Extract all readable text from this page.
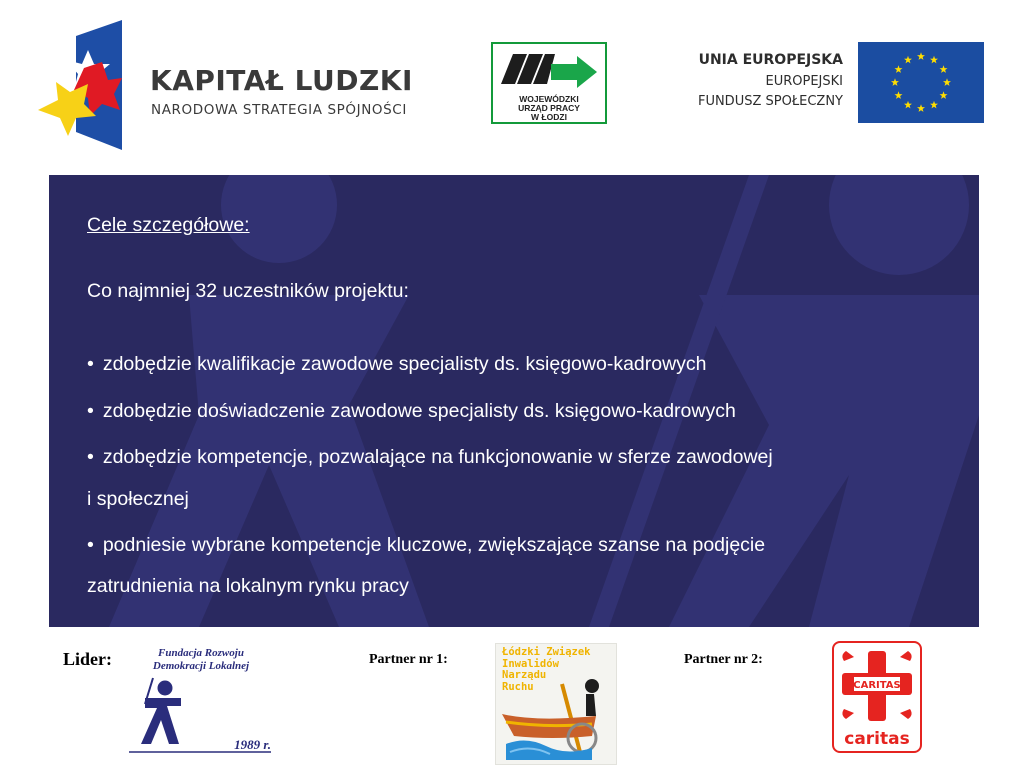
KAPITAŁ LUDZKI
NARODOWA STRATEGIA SPÓJNOŚCI
WOJEWÓDZKI
URZĄD PRACY
W ŁODZI
UNIA EUROPEJSKA
EUROPEJSKI
FUNDUSZ SPOŁECZNY
Cele szczegółowe:
Co najmniej 32 uczestników projektu:
• zdobędzie kwalifikacje zawodowe specjalisty ds. księgowo-kadrowych
• zdobędzie doświadczenie zawodowe specjalisty ds. księgowo-kadrowych
• zdobędzie kompetencje, pozwalające na funkcjonowanie w sferze zawodowej
i społecznej
• podniesie wybrane kompetencje kluczowe, zwiększające szanse na podjęcie
zatrudnienia na lokalnym rynku pracy
Lider:	Fundacja Rozwoju
Demokracji Lokalnej
1989 r.
Partner nr 1:	Łódzki Związek
Inwalidów
Narządu
Ruchu
Partner nr 2:
CARITAS
caritas
